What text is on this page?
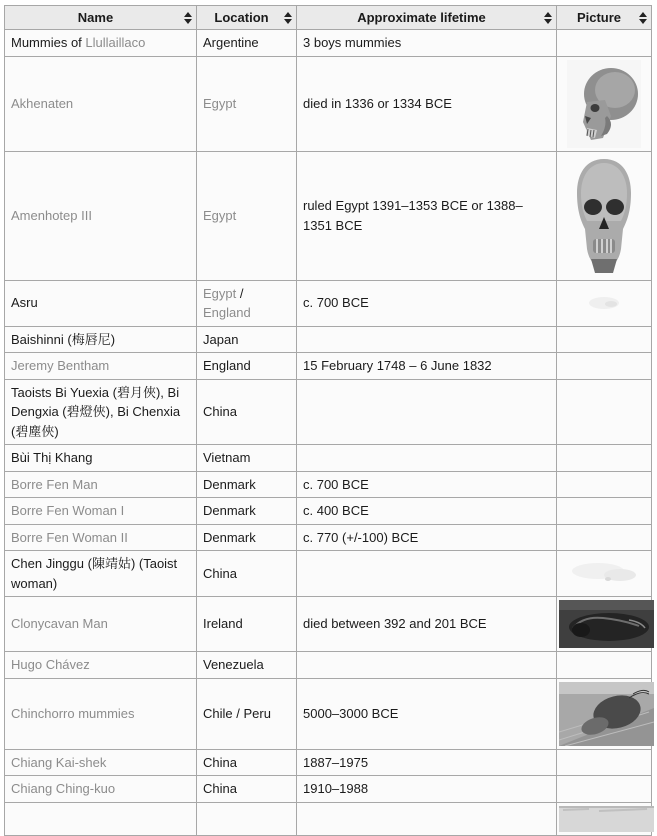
Name	Location	Approximate lifetime	Picture

Mummies of Llullaillaco	Argentine	3 boys mummies	
Akhenaten	Egypt	died in 1336 or 1334 BCE	

Amenhotep III	Egypt	ruled Egypt 1391–1353 BCE or 1388–1351 BCE	

Asru	Egypt / England	c. 700 BCE	

Baishinni (梅唇尼)	Japan		
Jeremy Bentham	England	15 February 1748 – 6 June 1832	
Taoists Bi Yuexia (碧月俠), Bi Dengxia (碧燈俠), Bi Chenxia (碧塵俠)	China		
Bùi Thị Khang	Vietnam		
Borre Fen Man	Denmark	c. 700 BCE	
Borre Fen Woman I	Denmark	c. 400 BCE	
Borre Fen Woman II	Denmark	c. 770 (+/-100) BCE	
Chen Jinggu (陳靖姑) (Taoist woman)	China		

Clonycavan Man	Ireland	died between 392 and 201 BCE	

Hugo Chávez	Venezuela		
Chinchorro mummies	Chile / Peru	5000–3000 BCE	

Chiang Kai-shek	China	1887–1975	
Chiang Ching-kuo	China	1910–1988	
